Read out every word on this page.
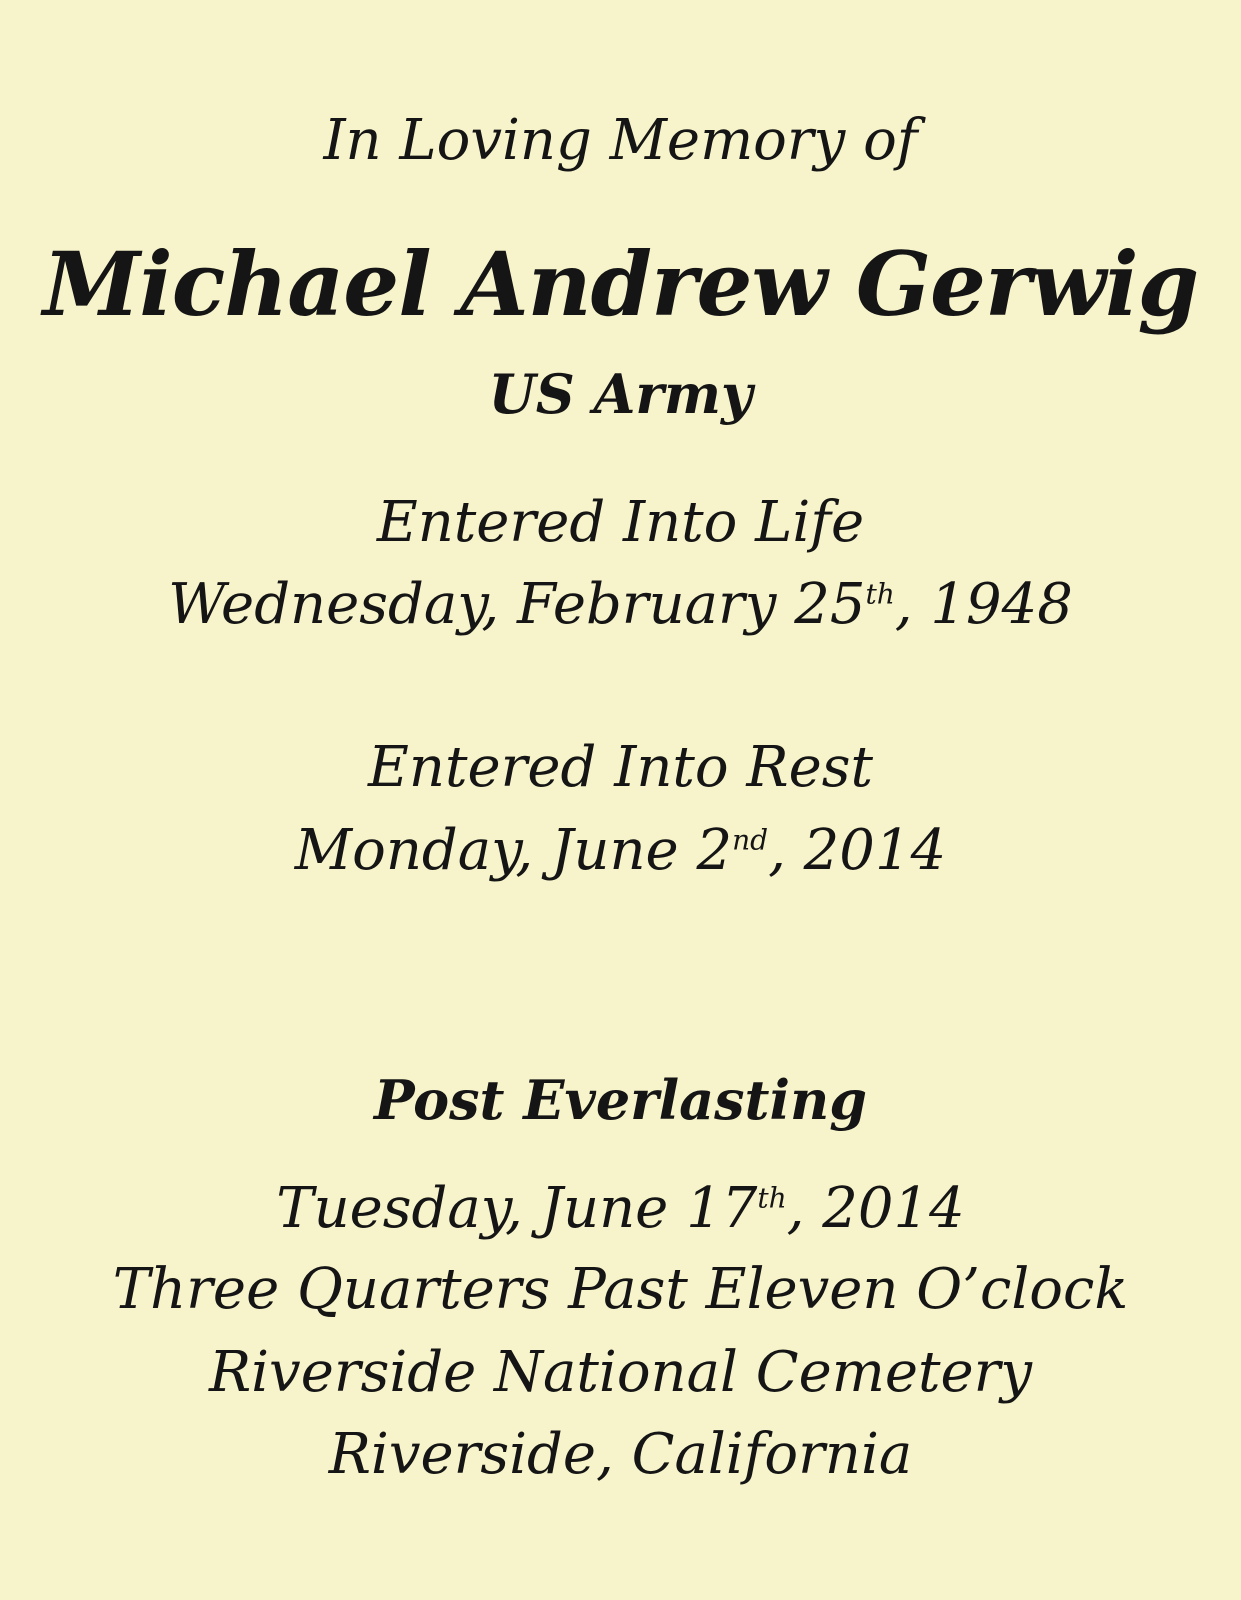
In Loving Memory of
Michael Andrew Gerwig
US Army
Entered Into Life
Wednesday, February 25th, 1948
Entered Into Rest
Monday, June 2nd, 2014
Post Everlasting
Tuesday, June 17th, 2014
Three Quarters Past Eleven O’clock
Riverside National Cemetery
Riverside, California
